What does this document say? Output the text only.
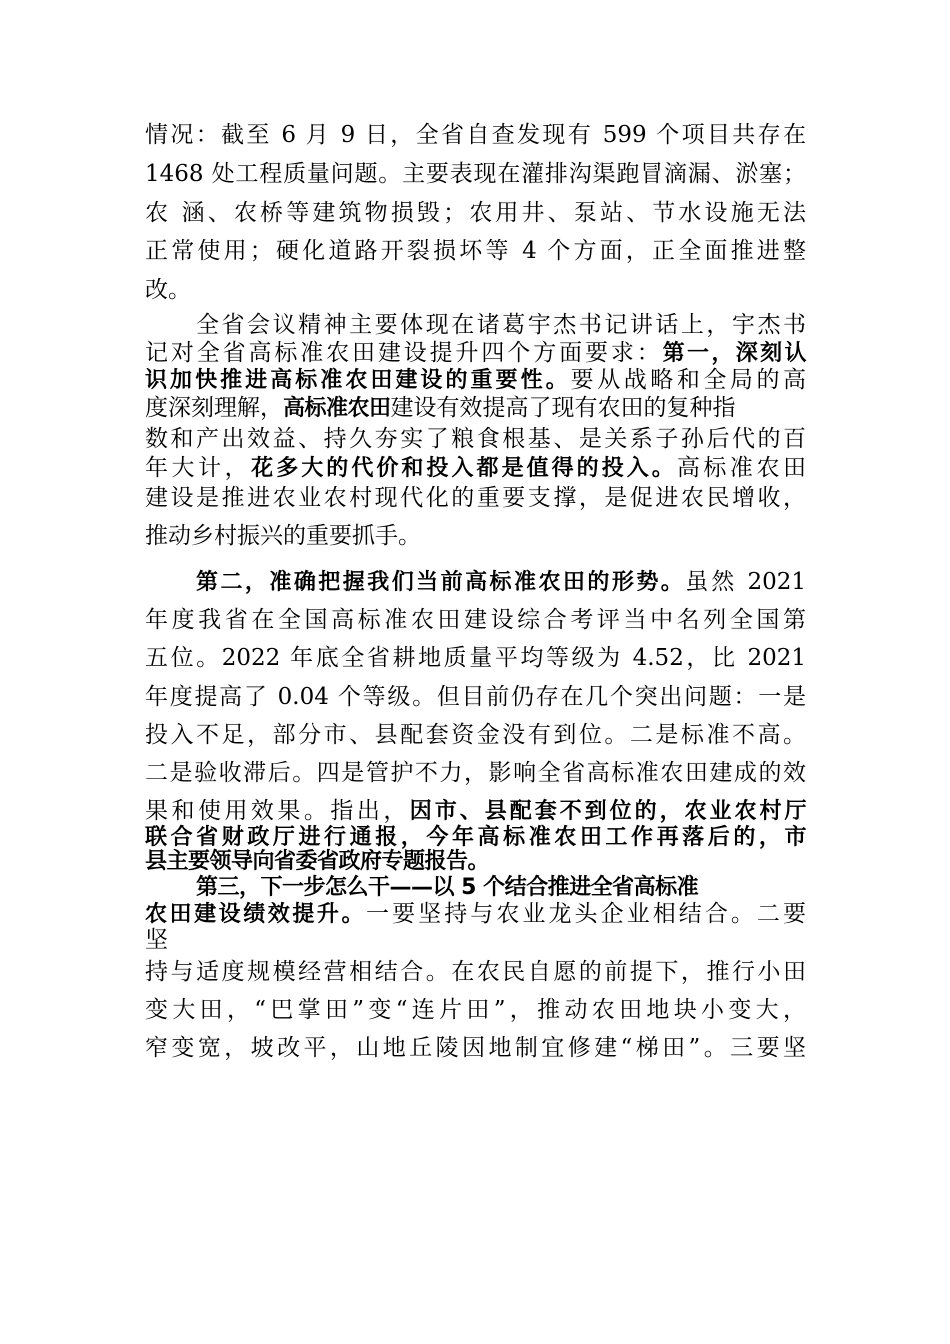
情况：截至 6 月 9 日，全省自查发现有 599 个项目共存在
1468 处工程质量问题。主要表现在灌排沟渠跑冒滴漏、淤塞；
农 涵、农桥等建筑物损毁；农用井、泵站、节水设施无法
正常使用；硬化道路开裂损坏等 4 个方面，正全面推进整
改。
全省会议精神主要体现在诸葛宇杰书记讲话上，宇杰书
记对全省高标准农田建设提升四个方面要求：第一，深刻认
识加快推进高标准农田建设的重要性。要从战略和全局的高
度深刻理解，高标准农田建设有效提高了现有农田的复种指
数和产出效益、持久夯实了粮食根基、是关系子孙后代的百
年大计，花多大的代价和投入都是值得的投入。高标准农田
建设是推进农业农村现代化的重要支撑，是促进农民增收，
推动乡村振兴的重要抓手。
第二，准确把握我们当前高标准农田的形势。虽然 2021
年度我省在全国高标准农田建设综合考评当中名列全国第
五位。2022 年底全省耕地质量平均等级为 4.52，比 2021
年度提高了 0.04 个等级。但目前仍存在几个突出问题：一是
投入不足，部分市、县配套资金没有到位。二是标准不高。
二是验收滞后。四是管护不力，影响全省高标准农田建成的效
果和使用效果。指出，因市、县配套不到位的，农业农村厅
联合省财政厅进行通报，今年高标准农田工作再落后的，市
县主要领导向省委省政府专题报告。
第三，下一步怎么干——以 5 个结合推进全省高标准
农田建设绩效提升。一要坚持与农业龙头企业相结合。二要
坚
持与适度规模经营相结合。在农民自愿的前提下，推行小田
变大田，“巴掌田”变“连片田”，推动农田地块小变大，
窄变宽，坡改平，山地丘陵因地制宜修建“梯田”。三要坚
